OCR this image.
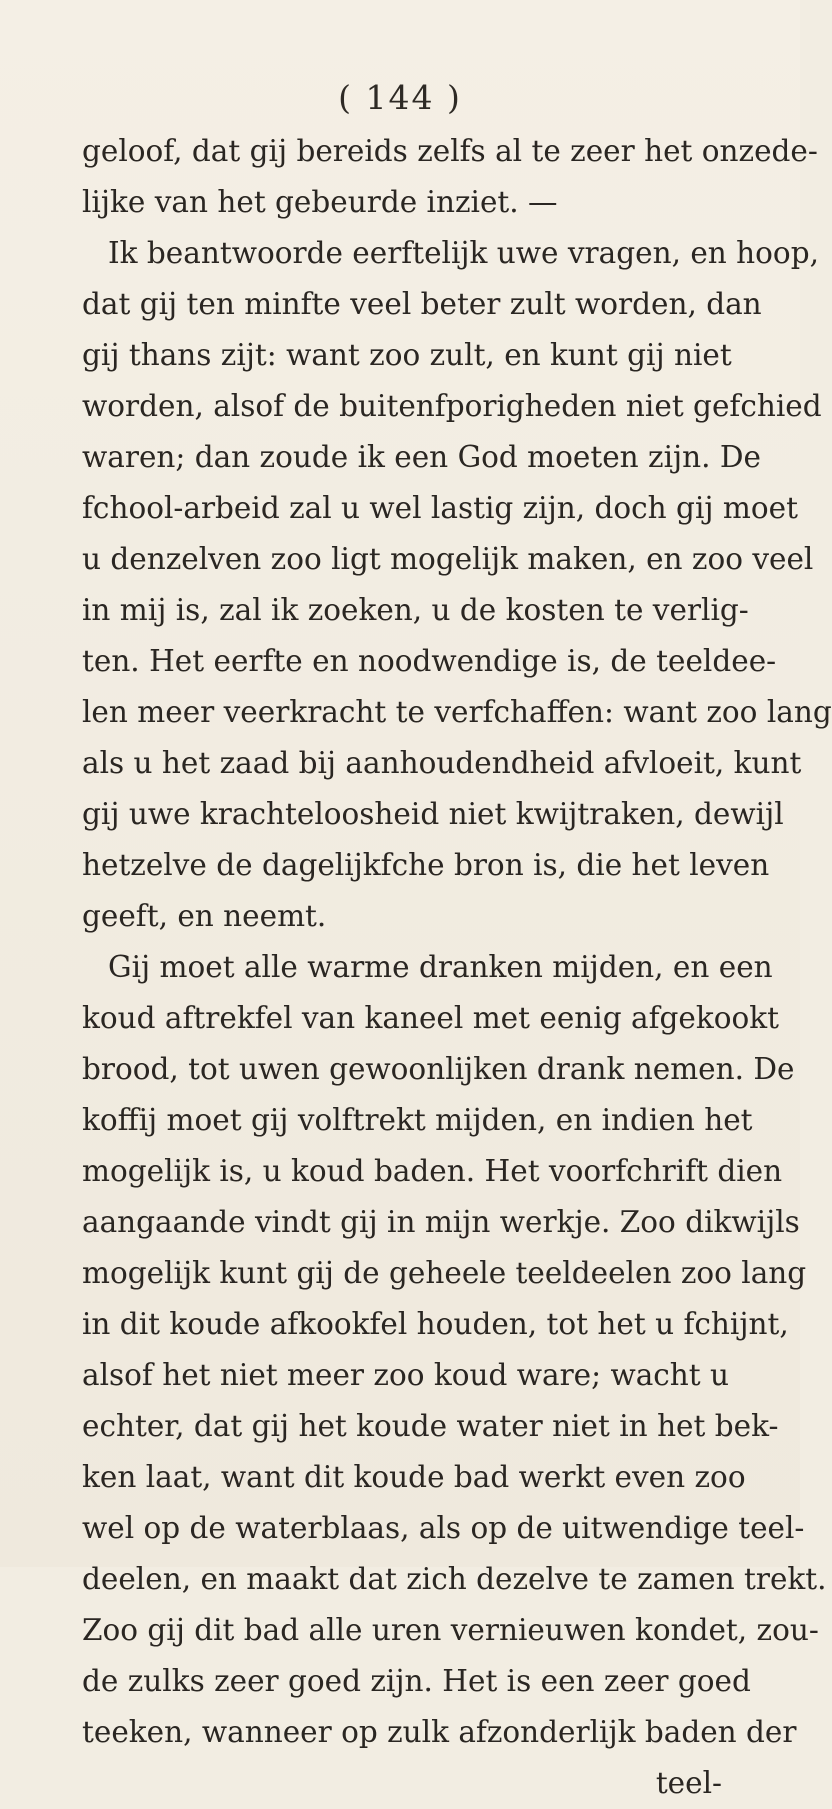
( 144 )
geloof, dat gij bereids zelfs al te zeer het onzede-
lijke van het gebeurde inziet. —
Ik beantwoorde eerftelijk uwe vragen, en hoop,
dat gij ten minfte veel beter zult worden, dan
gij thans zijt: want zoo zult, en kunt gij niet
worden, alsof de buitenfporigheden niet gefchied
waren; dan zoude ik een God moeten zijn. De
fchool-arbeid zal u wel lastig zijn, doch gij moet
u denzelven zoo ligt mogelijk maken, en zoo veel
in mij is, zal ik zoeken, u de kosten te verlig-
ten. Het eerfte en noodwendige is, de teeldee-
len meer veerkracht te verfchaffen: want zoo lang
als u het zaad bij aanhoudendheid afvloeit, kunt
gij uwe krachteloosheid niet kwijtraken, dewijl
hetzelve de dagelijkfche bron is, die het leven
geeft, en neemt.
Gij moet alle warme dranken mijden, en een
koud aftrekfel van kaneel met eenig afgekookt
brood, tot uwen gewoonlijken drank nemen. De
koffij moet gij volftrekt mijden, en indien het
mogelijk is, u koud baden. Het voorfchrift dien
aangaande vindt gij in mijn werkje. Zoo dikwijls
mogelijk kunt gij de geheele teeldeelen zoo lang
in dit koude afkookfel houden, tot het u fchijnt,
alsof het niet meer zoo koud ware; wacht u
echter, dat gij het koude water niet in het bek-
ken laat, want dit koude bad werkt even zoo
wel op de waterblaas, als op de uitwendige teel-
deelen, en maakt dat zich dezelve te zamen trekt.
Zoo gij dit bad alle uren vernieuwen kondet, zou-
de zulks zeer goed zijn. Het is een zeer goed
teeken, wanneer op zulk afzonderlijk baden der
teel-
